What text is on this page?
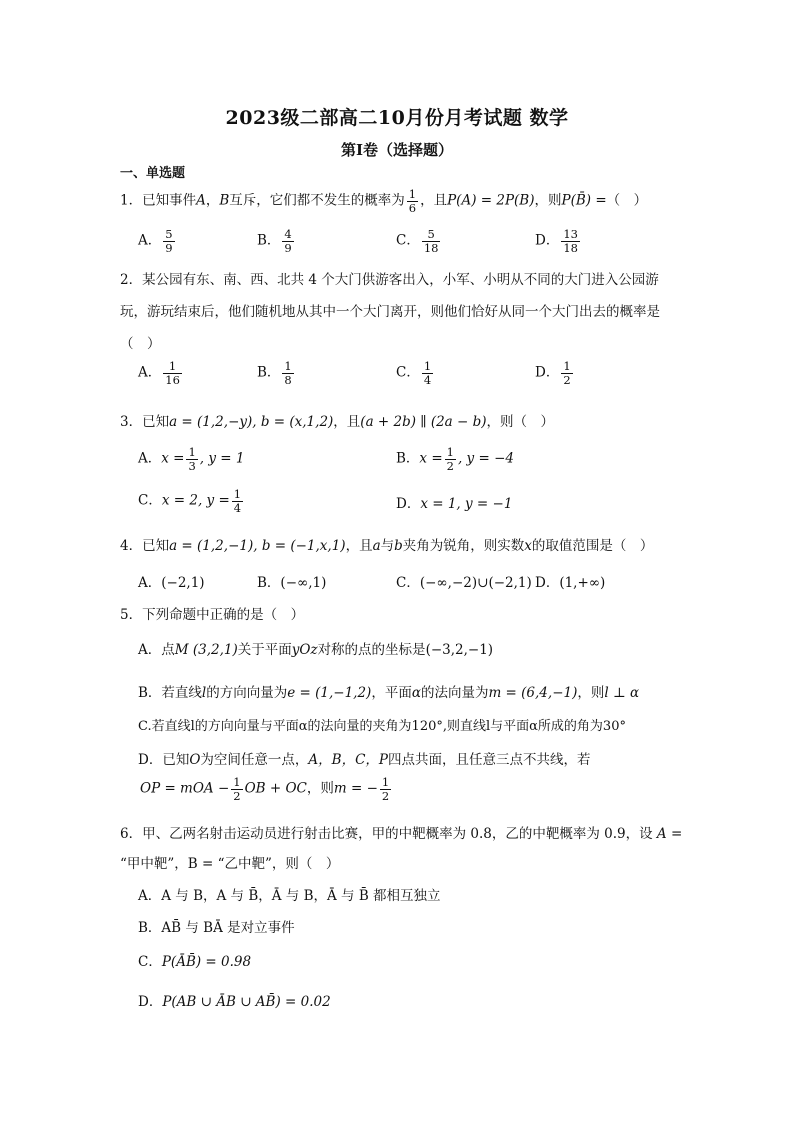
2023级二部高二10月份月考试题 数学
第Ⅰ卷（选择题）
一、单选题
1．已知事件A，B互斥，它们都不发生的概率为 $\frac{1}{6}$ ，且P(A) = 2P(B)，则P(B̄) =（　）
A． $\frac{5}{9}$	B． $\frac{4}{9}$	C． $\frac{5}{18}$	D． $\frac{13}{18}$
2．某公园有东、南、西、北共 4 个大门供游客出入，小军、小明从不同的大门进入公园游
玩，游玩结束后，他们随机地从其中一个大门离开，则他们恰好从同一个大门出去的概率是
（　）
A． $\frac{1}{16}$	B． $\frac{1}{8}$	C． $\frac{1}{4}$	D． $\frac{1}{2}$
3．已知a = (1,2,−y), b = (x,1,2)，且(a + 2b) ∥ (2a − b)，则（　）
A．$x = \frac{1}{3}$ , y = 1	B．$x = \frac{1}{2}$ , y = −4
C．x = 2, $y = \frac{1}{4}$	D．x = 1, y = −1
4．已知a = (1,2,−1), b = (−1,x,1)，且a与b夹角为锐角，则实数x的取值范围是（　）
A．(−2,1)	B．(−∞,1)	C．(−∞,−2)∪(−2,1) D．(1,+∞)
5．下列命题中正确的是（　）
A．点M (3,2,1)关于平面yOz对称的点的坐标是(−3,2,−1)
B．若直线l的方向向量为e = (1,−1,2)，平面α的法向量为m = (6,4,−1)，则l ⊥ α
C.若直线l的方向向量与平面α的法向量的夹角为120°,则直线l与平面α所成的角为30°
D．已知O为空间任意一点，A，B，C，P四点共面，且任意三点不共线，若
OP = mOA − $\frac{1}{2}$ OB + OC，则m = − $\frac{1}{2}$
6．甲、乙两名射击运动员进行射击比赛，甲的中靶概率为 0.8，乙的中靶概率为 0.9，设 A =
“甲中靶”，B = “乙中靶”，则（　）
A．A 与 B，A 与 B̄，Ā 与 B，Ā 与 B̄ 都相互独立
B．AB̄ 与 BĀ 是对立事件
C．P(ĀB̄) = 0.98
D．P(AB ∪ ĀB ∪ AB̄) = 0.02
